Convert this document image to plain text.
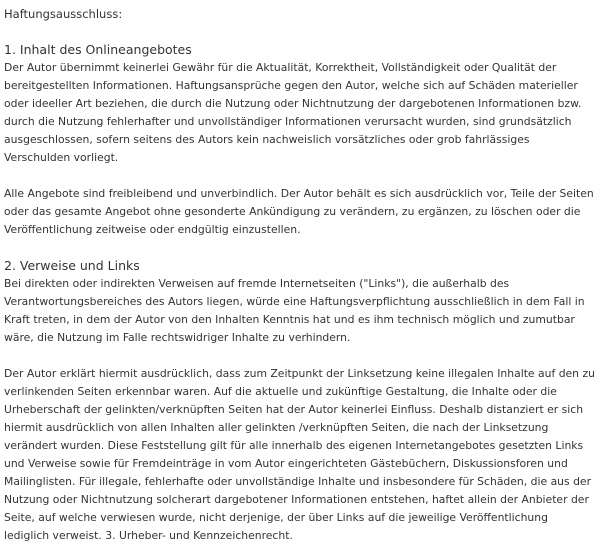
Haftungsausschluss:

1. Inhalt des Onlineangebotes

Der Autor übernimmt keinerlei Gewähr für die Aktualität, Korrektheit, Vollständigkeit oder Qualität der bereitgestellten Informationen. Haftungsansprüche gegen den Autor, welche sich auf Schäden materieller oder ideeller Art beziehen, die durch die Nutzung oder Nichtnutzung der dargebotenen Informationen bzw. durch die Nutzung fehlerhafter und unvollständiger Informationen verursacht wurden, sind grundsätzlich ausgeschlossen, sofern seitens des Autors kein nachweislich vorsätzliches oder grob fahrlässiges Verschulden vorliegt.

Alle Angebote sind freibleibend und unverbindlich. Der Autor behält es sich ausdrücklich vor, Teile der Seiten oder das gesamte Angebot ohne gesonderte Ankündigung zu verändern, zu ergänzen, zu löschen oder die Veröffentlichung zeitweise oder endgültig einzustellen.

2. Verweise und Links

Bei direkten oder indirekten Verweisen auf fremde Internetseiten ("Links"), die außerhalb des Verantwortungsbereiches des Autors liegen, würde eine Haftungsverpflichtung ausschließlich in dem Fall in Kraft treten, in dem der Autor von den Inhalten Kenntnis hat und es ihm technisch möglich und zumutbar wäre, die Nutzung im Falle rechtswidriger Inhalte zu verhindern.

Der Autor erklärt hiermit ausdrücklich, dass zum Zeitpunkt der Linksetzung keine illegalen Inhalte auf den zu verlinkenden Seiten erkennbar waren. Auf die aktuelle und zukünftige Gestaltung, die Inhalte oder die Urheberschaft der gelinkten/verknüpften Seiten hat der Autor keinerlei Einfluss. Deshalb distanziert er sich hiermit ausdrücklich von allen Inhalten aller gelinkten /verknüpften Seiten, die nach der Linksetzung verändert wurden. Diese Feststellung gilt für alle innerhalb des eigenen Internetangebotes gesetzten Links und Verweise sowie für Fremdeinträge in vom Autor eingerichteten Gästebüchern, Diskussionsforen und Mailinglisten. Für illegale, fehlerhafte oder unvollständige Inhalte und insbesondere für Schäden, die aus der Nutzung oder Nichtnutzung solcherart dargebotener Informationen entstehen, haftet allein der Anbieter der Seite, auf welche verwiesen wurde, nicht derjenige, der über Links auf die jeweilige Veröffentlichung lediglich verweist. 3. Urheber- und Kennzeichenrecht.
